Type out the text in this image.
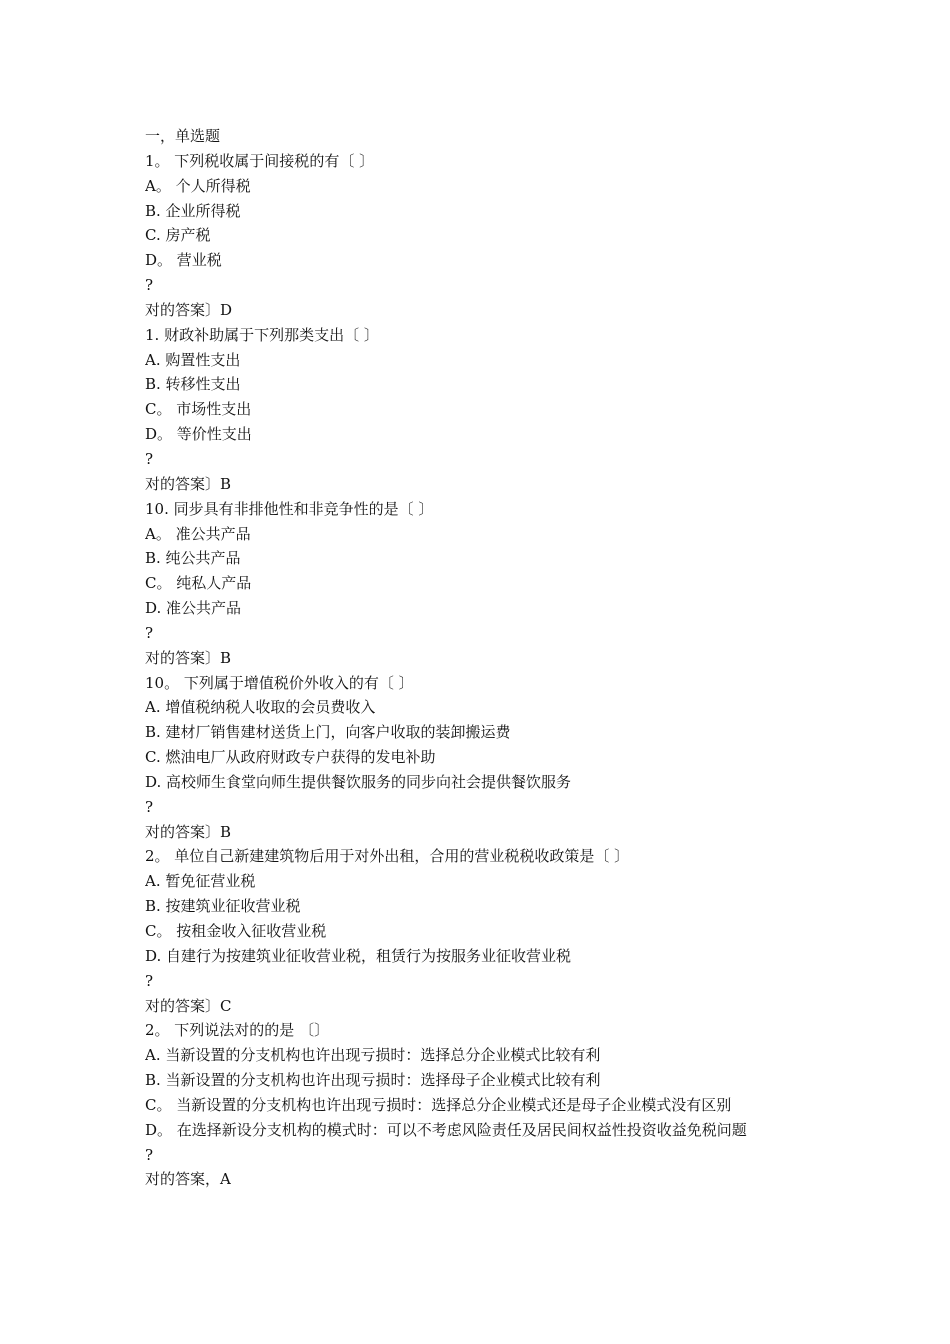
一，单选题
1。 下列税收属于间接税的有〔 〕
A。 个人所得税
B. 企业所得税
C. 房产税
D。 营业税
?
对的答案〕D
1. 财政补助属于下列那类支出〔 〕
A. 购置性支出
B. 转移性支出
C。 市场性支出
D。 等价性支出
?
对的答案〕B
10. 同步具有非排他性和非竞争性的是〔 〕
A。 准公共产品
B. 纯公共产品
C。 纯私人产品
D. 准公共产品
?
对的答案〕B
10。 下列属于增值税价外收入的有〔 〕
A. 增值税纳税人收取的会员费收入
B. 建材厂销售建材送货上门，向客户收取的装卸搬运费
C. 燃油电厂从政府财政专户获得的发电补助
D. 高校师生食堂向师生提供餐饮服务的同步向社会提供餐饮服务
?
对的答案〕B
2。 单位自己新建建筑物后用于对外出租，合用的营业税税收政策是〔 〕
A. 暂免征营业税
B. 按建筑业征收营业税
C。 按租金收入征收营业税
D. 自建行为按建筑业征收营业税，租赁行为按服务业征收营业税
?
对的答案〕C
2。 下列说法对的的是 〔〕
A. 当新设置的分支机构也许出现亏损时：选择总分企业模式比较有利
B. 当新设置的分支机构也许出现亏损时：选择母子企业模式比较有利
C。 当新设置的分支机构也许出现亏损时：选择总分企业模式还是母子企业模式没有区别
D。 在选择新设分支机构的模式时：可以不考虑风险责任及居民间权益性投资收益免税问题
?
对的答案，A
